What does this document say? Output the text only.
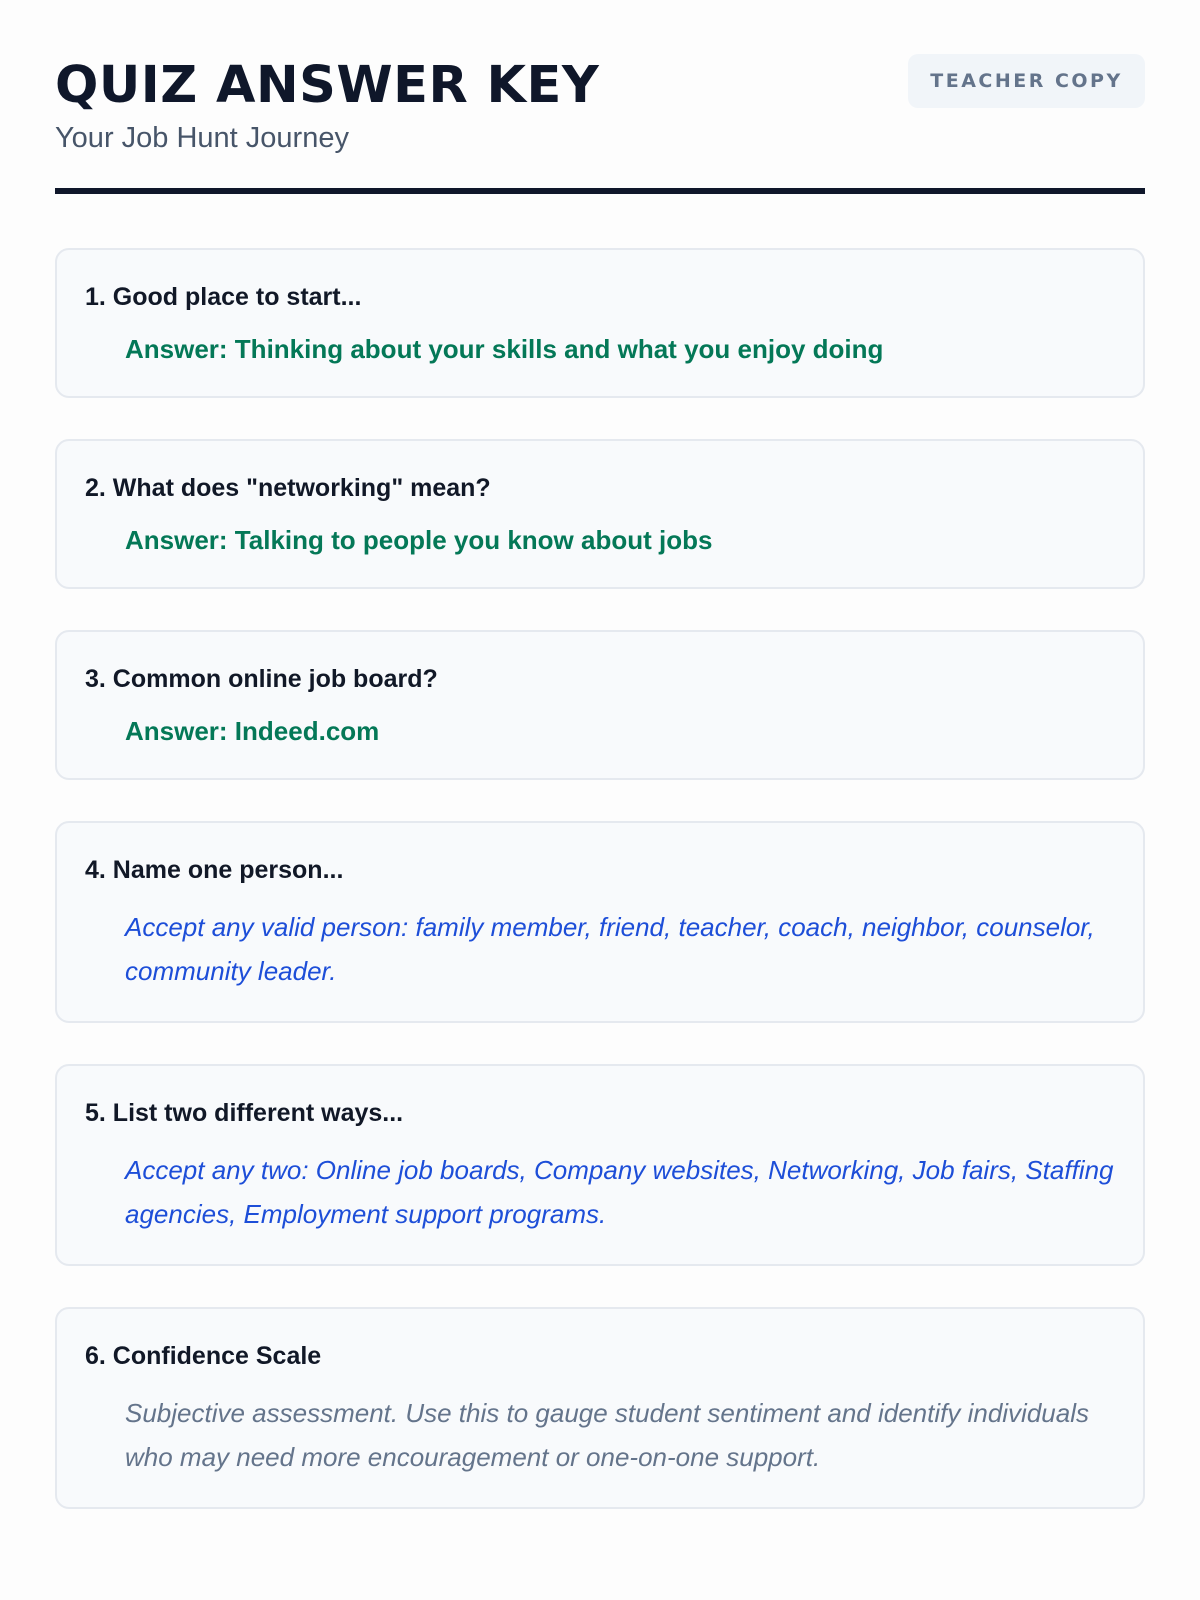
QUIZ ANSWER KEY
Your Job Hunt Journey
TEACHER COPY
1. Good place to start...
Answer: Thinking about your skills and what you enjoy doing
2. What does "networking" mean?
Answer: Talking to people you know about jobs
3. Common online job board?
Answer: Indeed.com
4. Name one person...
Accept any valid person: family member, friend, teacher, coach, neighbor, counselor, community leader.
5. List two different ways...
Accept any two: Online job boards, Company websites, Networking, Job fairs, Staffing agencies, Employment support programs.
6. Confidence Scale
Subjective assessment. Use this to gauge student sentiment and identify individuals who may need more encouragement or one-on-one support.
